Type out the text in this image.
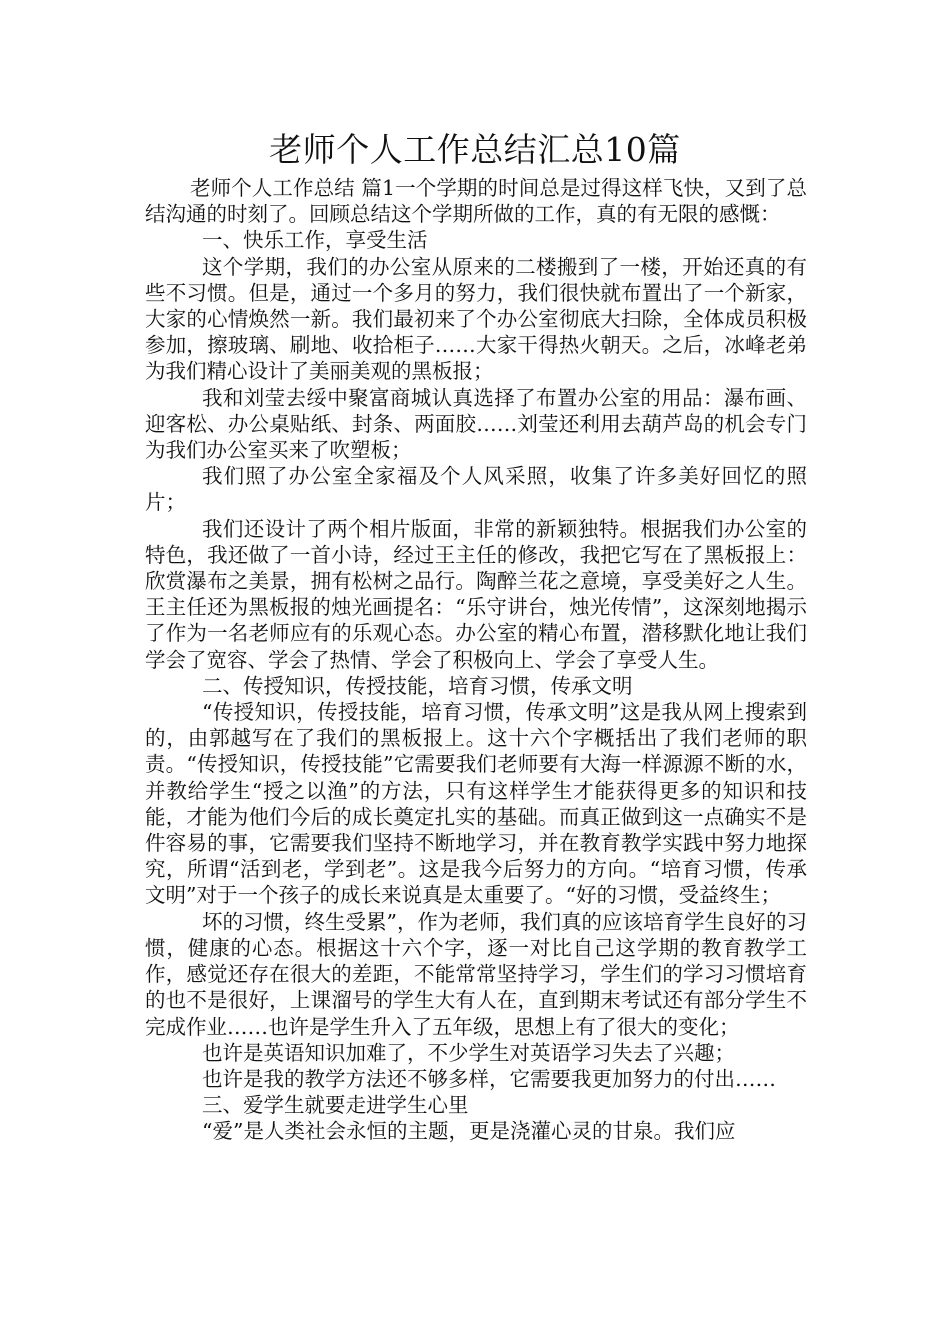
老师个人工作总结汇总10篇

老师个人工作总结 篇1一个学期的时间总是过得这样飞快，又到了总结沟通的时刻了。回顾总结这个学期所做的工作，真的有无限的感慨：

一、快乐工作，享受生活

这个学期，我们的办公室从原来的二楼搬到了一楼，开始还真的有些不习惯。但是，通过一个多月的努力，我们很快就布置出了一个新家，大家的心情焕然一新。我们最初来了个办公室彻底大扫除，全体成员积极参加，擦玻璃、刷地、收拾柜子……大家干得热火朝天。之后，冰峰老弟为我们精心设计了美丽美观的黑板报；

我和刘莹去绥中聚富商城认真选择了布置办公室的用品：瀑布画、迎客松、办公桌贴纸、封条、两面胶……刘莹还利用去葫芦岛的机会专门为我们办公室买来了吹塑板；

我们照了办公室全家福及个人风采照，收集了许多美好回忆的照片；

我们还设计了两个相片版面，非常的新颖独特。根据我们办公室的特色，我还做了一首小诗，经过王主任的修改，我把它写在了黑板报上：欣赏瀑布之美景，拥有松树之品行。陶醉兰花之意境，享受美好之人生。王主任还为黑板报的烛光画提名：“乐守讲台，烛光传情”，这深刻地揭示了作为一名老师应有的乐观心态。办公室的精心布置，潜移默化地让我们学会了宽容、学会了热情、学会了积极向上、学会了享受人生。

二、传授知识，传授技能，培育习惯，传承文明

“传授知识，传授技能，培育习惯，传承文明”这是我从网上搜索到的，由郭越写在了我们的黑板报上。这十六个字概括出了我们老师的职责。“传授知识，传授技能”它需要我们老师要有大海一样源源不断的水，并教给学生“授之以渔”的方法，只有这样学生才能获得更多的知识和技能，才能为他们今后的成长奠定扎实的基础。而真正做到这一点确实不是件容易的事，它需要我们坚持不断地学习，并在教育教学实践中努力地探究，所谓“活到老，学到老”。这是我今后努力的方向。“培育习惯，传承文明”对于一个孩子的成长来说真是太重要了。“好的习惯，受益终生；

坏的习惯，终生受累”，作为老师，我们真的应该培育学生良好的习惯，健康的心态。根据这十六个字，逐一对比自己这学期的教育教学工作，感觉还存在很大的差距，不能常常坚持学习，学生们的学习习惯培育的也不是很好，上课溜号的学生大有人在，直到期末考试还有部分学生不完成作业……也许是学生升入了五年级，思想上有了很大的变化；

也许是英语知识加难了，不少学生对英语学习失去了兴趣；

也许是我的教学方法还不够多样，它需要我更加努力的付出……

三、爱学生就要走进学生心里

“爱”是人类社会永恒的主题，更是浇灌心灵的甘泉。我们应
